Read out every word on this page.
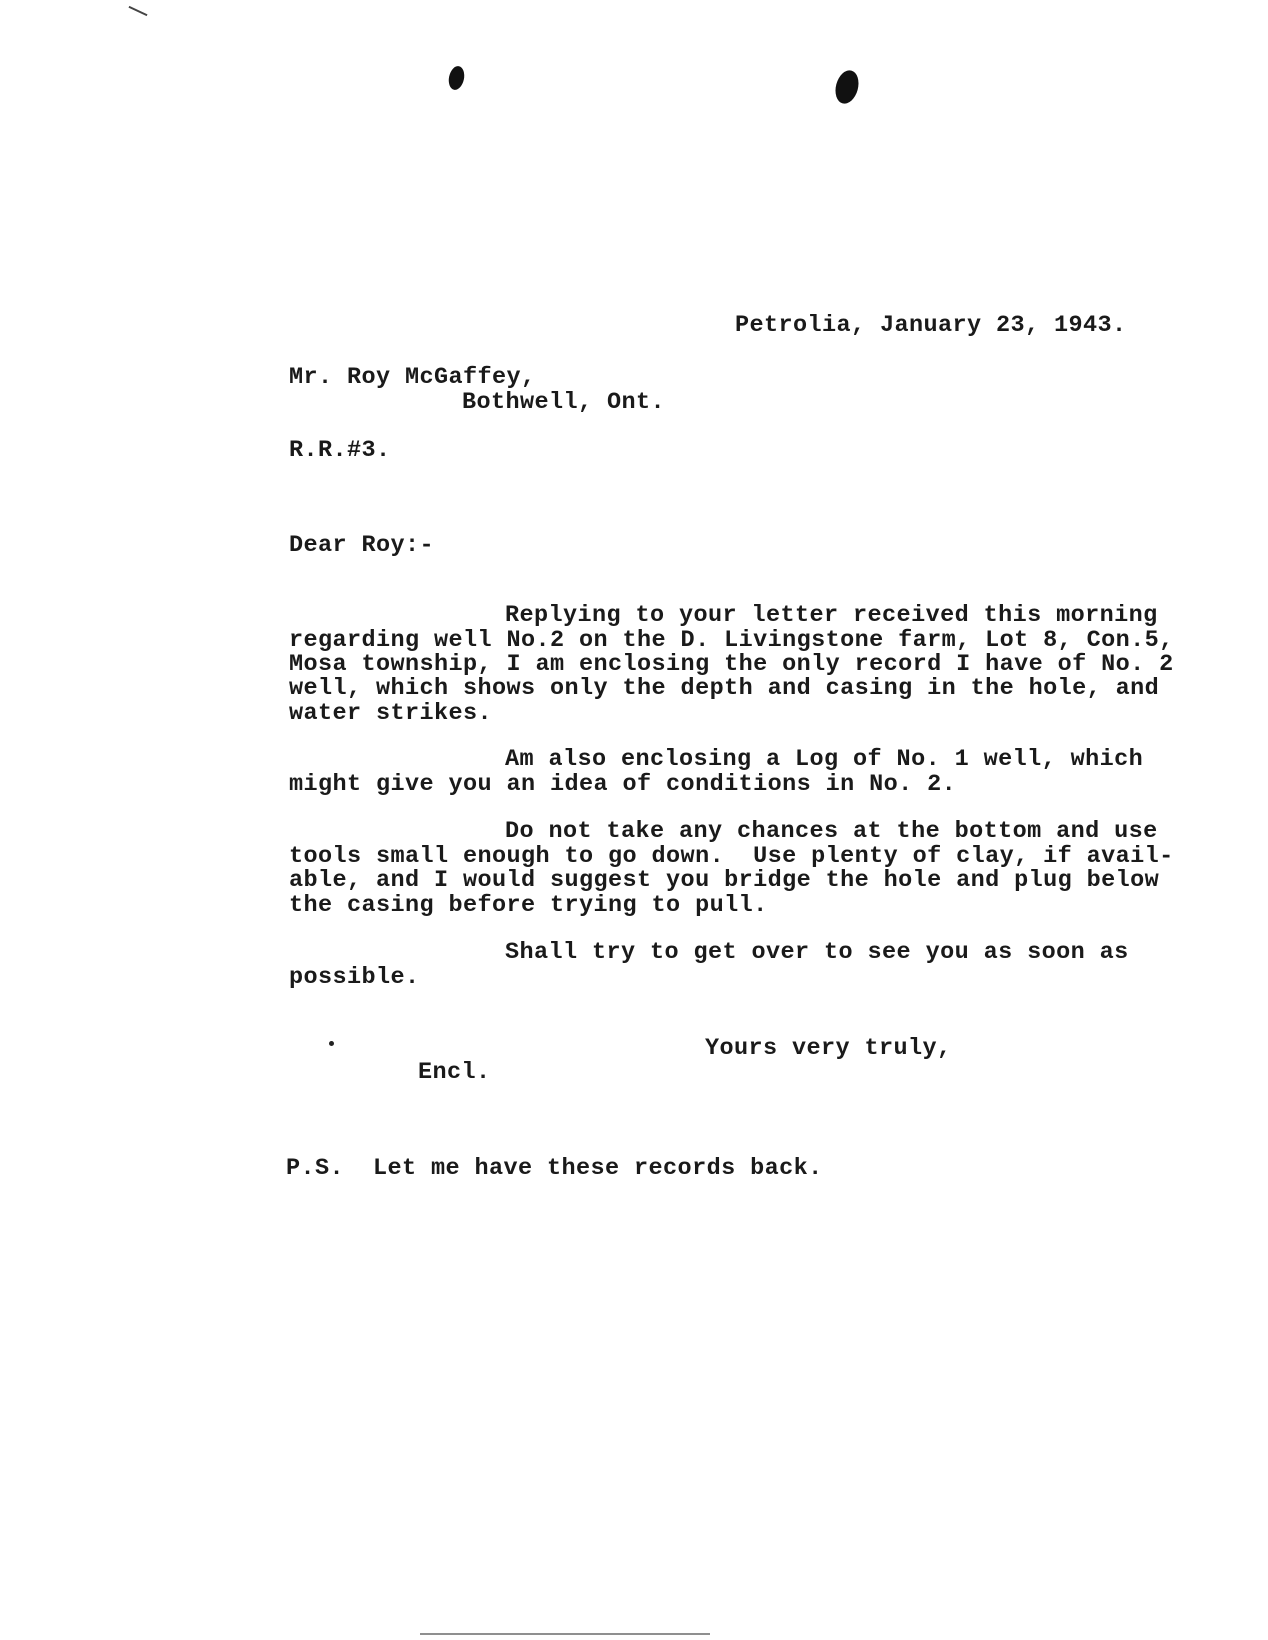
Petrolia, January 23, 1943.
Mr. Roy McGaffey,
Bothwell, Ont.
R.R.#3.
Dear Roy:-
Replying to your letter received this morning
regarding well No.2 on the D. Livingstone farm, Lot 8, Con.5,
Mosa township, I am enclosing the only record I have of No. 2
well, which shows only the depth and casing in the hole, and
water strikes.
Am also enclosing a Log of No. 1 well, which
might give you an idea of conditions in No. 2.
Do not take any chances at the bottom and use
tools small enough to go down.  Use plenty of clay, if avail-
able, and I would suggest you bridge the hole and plug below
the casing before trying to pull.
Shall try to get over to see you as soon as
possible.
Yours very truly,
Encl.
P.S.  Let me have these records back.
